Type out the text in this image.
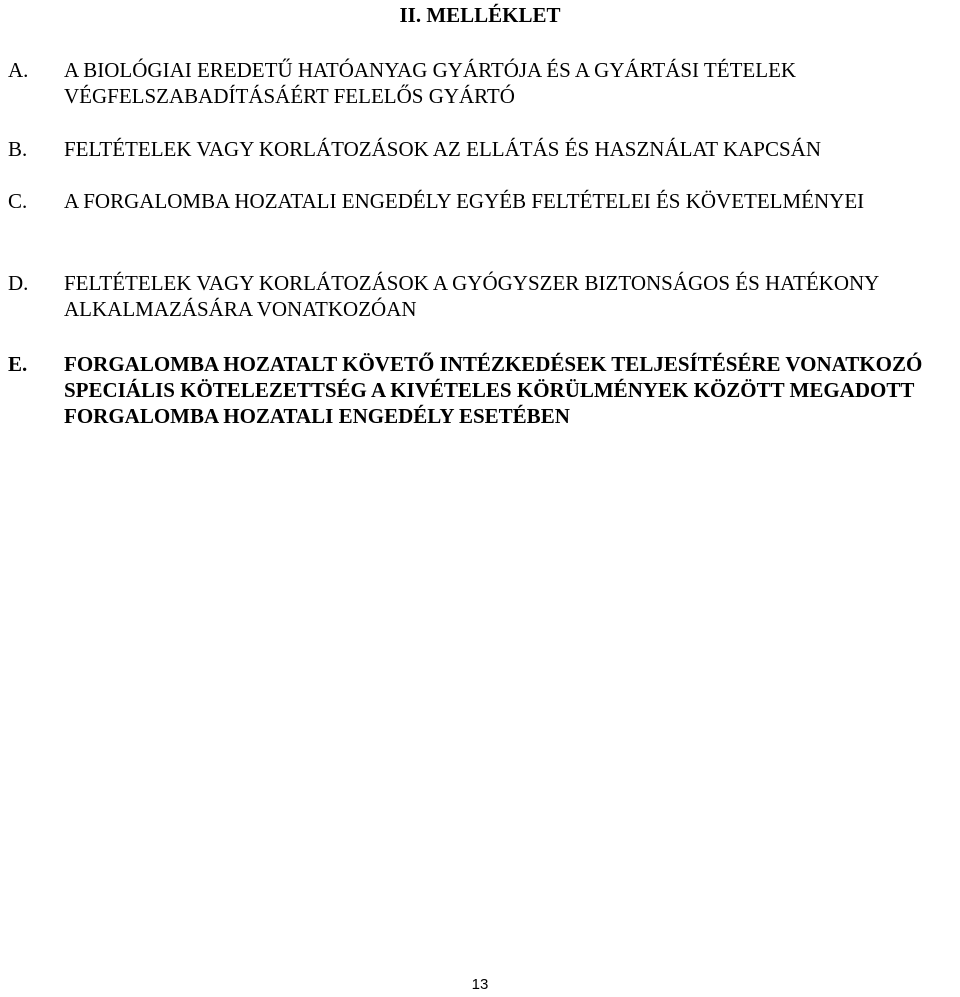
II. MELLÉKLET
A. A BIOLÓGIAI EREDETŰ HATÓANYAG GYÁRTÓJA ÉS A GYÁRTÁSI TÉTELEK VÉGFELSZABADÍTÁSÁÉRT FELELŐS GYÁRTÓ
B. FELTÉTELEK VAGY KORLÁTOZÁSOK AZ ELLÁTÁS ÉS HASZNÁLAT KAPCSÁN
C. A FORGALOMBA HOZATALI ENGEDÉLY EGYÉB FELTÉTELEI ÉS KÖVETELMÉNYEI
D. FELTÉTELEK VAGY KORLÁTOZÁSOK A GYÓGYSZER BIZTONSÁGOS ÉS HATÉKONY ALKALMAZÁSÁRA VONATKOZÓAN
E. FORGALOMBA HOZATALT KÖVETŐ INTÉZKEDÉSEK TELJESÍTÉSÉRE VONATKOZÓ SPECIÁLIS KÖTELEZETTSÉG A KIVÉTELES KÖRÜLMÉNYEK KÖZÖTT MEGADOTT FORGALOMBA HOZATALI ENGEDÉLY ESETÉBEN
13
